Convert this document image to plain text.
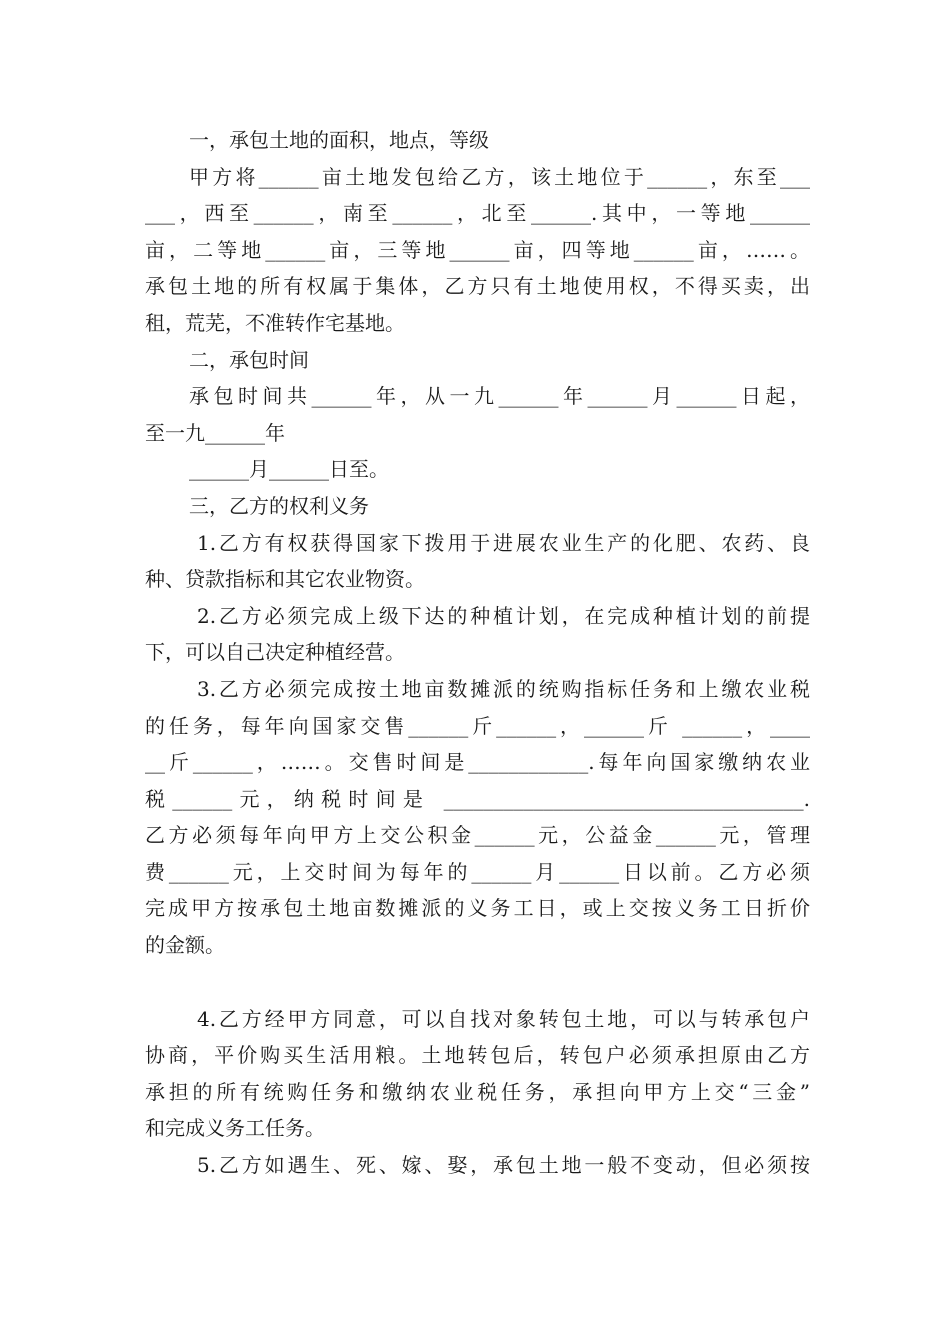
一，承包土地的面积，地点，等级
甲方将______亩土地发包给乙方，该土地位于______，东至___
___，西至______，南至______，北至______.其中，一等地______
亩，二等地______亩，三等地______亩，四等地______亩，……。
承包土地的所有权属于集体，乙方只有土地使用权，不得买卖，出
租，荒芜，不准转作宅基地。
二，承包时间
承包时间共______年，从一九______年______月______日起，
至一九______年
______月______日至。
三，乙方的权利义务
1.乙方有权获得国家下拨用于进展农业生产的化肥、农药、良
种、贷款指标和其它农业物资。
2.乙方必须完成上级下达的种植计划，在完成种植计划的前提
下，可以自己决定种植经营。
3.乙方必须完成按土地亩数摊派的统购指标任务和上缴农业税
的任务，每年向国家交售______斤______，______斤 ______，____
__斤______，……。交售时间是____________.每年向国家缴纳农业
税______元，纳税时间是 ____________________________________.
乙方必须每年向甲方上交公积金______元，公益金______元，管理
费______元，上交时间为每年的______月______日以前。乙方必须
完成甲方按承包土地亩数摊派的义务工日，或上交按义务工日折价
的金额。
4.乙方经甲方同意，可以自找对象转包土地，可以与转承包户
协商，平价购买生活用粮。土地转包后，转包户必须承担原由乙方
承担的所有统购任务和缴纳农业税任务，承担向甲方上交“三金”
和完成义务工任务。
5.乙方如遇生、死、嫁、娶，承包土地一般不变动，但必须按
